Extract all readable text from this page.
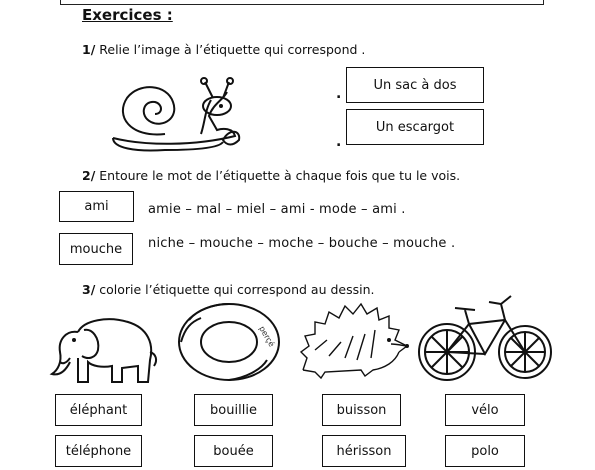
Exercices :
1/ Relie l’image à l’étiquette qui correspond .
.
.
Un sac à dos
Un escargot
2/ Entoure le mot de l’étiquette à chaque fois que tu le vois.
ami	amie – mal – miel – ami - mode – ami .
mouche niche – mouche – moche – bouche – mouche .
3/ colorie l’étiquette qui correspond au dessin.
perçé
éléphant
téléphone
bouillie
bouée
buisson
hérisson
vélo
polo
